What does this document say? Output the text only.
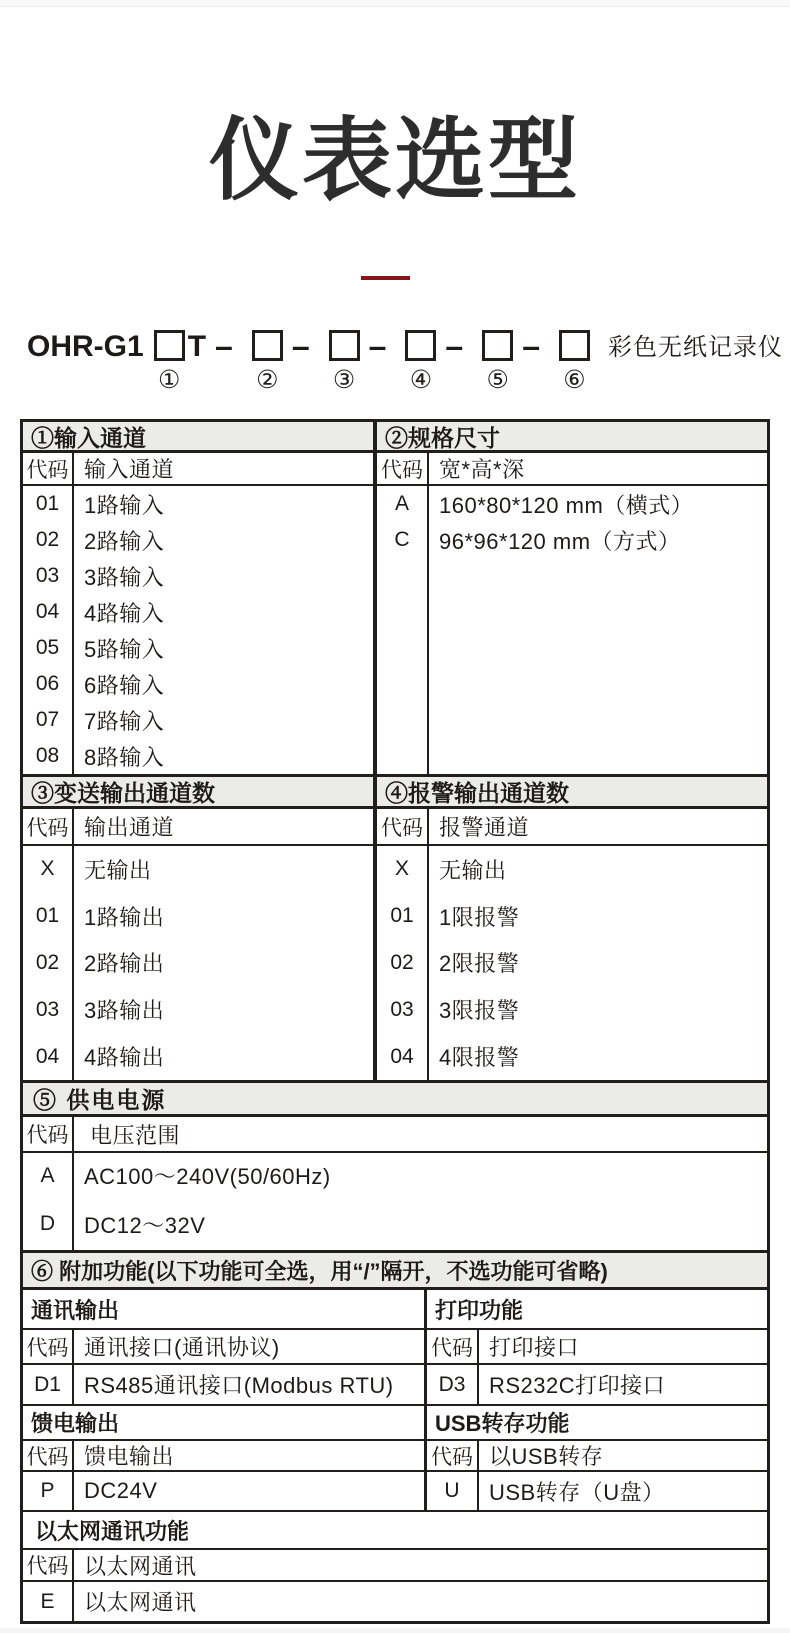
仪表选型
OHR-G1
①
T –
②
–
③
–
④
–
⑤
–
⑥
彩色无纸记录仪
①输入通道	②规格尺寸
代码 输入通道
01	1路输入
02	2路输入
03	3路输入
04	4路输入
05	5路输入
06	6路输入
07	7路输入
08	8路输入
代码 宽*高*深
A	160*80*120 mm（横式）
C	96*96*120 mm（方式）
③变送输出通道数	④报警输出通道数
代码 输出通道
X	无输出
01	1路输出
02	2路输出
03	3路输出
04	4路输出
代码 报警通道
X	无输出
01	1限报警
02	2限报警
03	3限报警
04	4限报警
⑤ 供电电源
代码 电压范围
A	AC100～240V(50/60Hz)
D	DC12～32V
⑥ 附加功能(以下功能可全选，用“/”隔开，不选功能可省略)
通讯输出
代码 通讯接口(通讯协议)
D1	RS485通讯接口(Modbus RTU)
馈电输出
代码 馈电输出
P	DC24V
打印功能
代码 打印接口
D3	RS232C打印接口
USB转存功能
代码 以USB转存
U	USB转存（U盘）
以太网通讯功能
代码 以太网通讯
E	以太网通讯
